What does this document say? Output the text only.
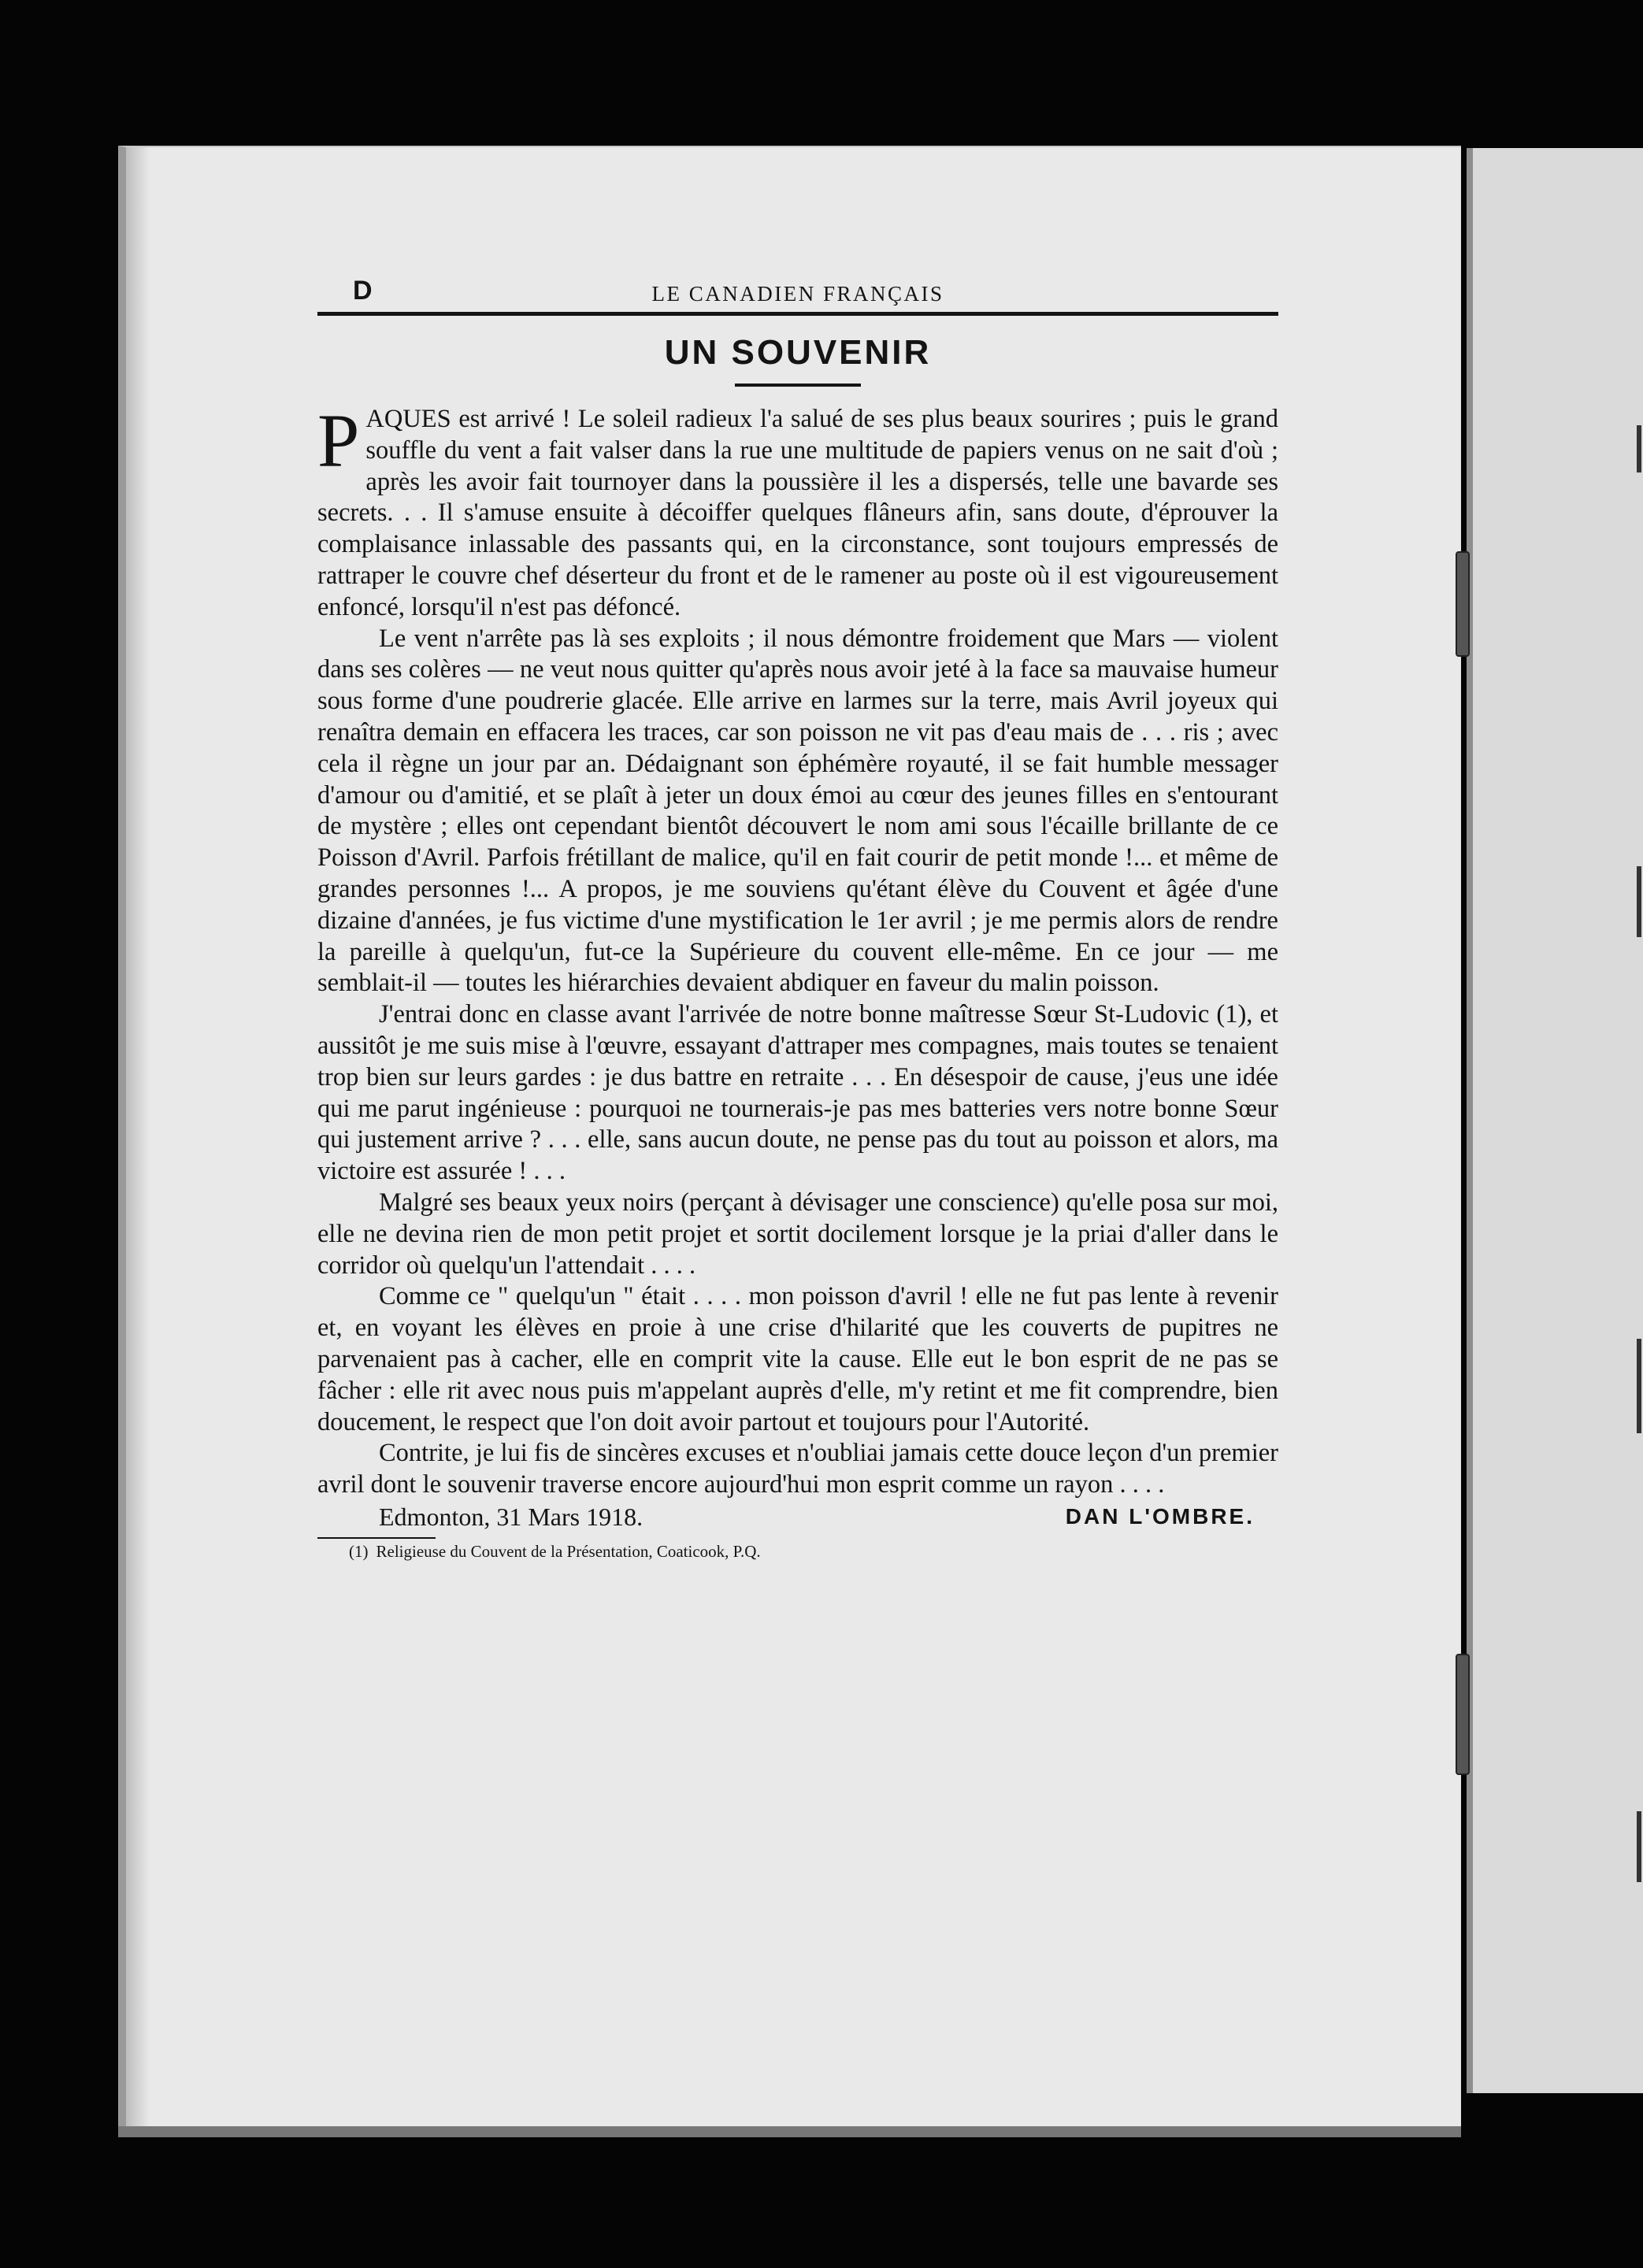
D	LE CANADIEN FRANÇAIS
UN SOUVENIR

PAQUES est arrivé ! Le soleil radieux l'a salué de ses plus beaux sourires ; puis le grand souffle du vent a fait valser dans la rue une multitude de papiers venus on ne sait d'où ; après les avoir fait tournoyer dans la poussière il les a dispersés, telle une bavarde ses secrets. . . Il s'amuse ensuite à décoiffer quelques flâneurs afin, sans doute, d'éprouver la complaisance inlassable des passants qui, en la circonstance, sont toujours empressés de rattraper le couvre chef déserteur du front et de le ramener au poste où il est vigoureusement enfoncé, lorsqu'il n'est pas défoncé.

Le vent n'arrête pas là ses exploits ; il nous démontre froidement que Mars — violent dans ses colères — ne veut nous quitter qu'après nous avoir jeté à la face sa mauvaise humeur sous forme d'une poudrerie glacée. Elle arrive en larmes sur la terre, mais Avril joyeux qui renaîtra demain en effacera les traces, car son poisson ne vit pas d'eau mais de . . . ris ; avec cela il règne un jour par an. Dédaignant son éphémère royauté, il se fait humble messager d'amour ou d'amitié, et se plaît à jeter un doux émoi au cœur des jeunes filles en s'entourant de mystère ; elles ont cependant bientôt découvert le nom ami sous l'écaille brillante de ce Poisson d'Avril. Parfois frétillant de malice, qu'il en fait courir de petit monde !... et même de grandes personnes !... A propos, je me souviens qu'étant élève du Couvent et âgée d'une dizaine d'années, je fus victime d'une mystification le 1er avril ; je me permis alors de rendre la pareille à quelqu'un, fut-ce la Supérieure du couvent elle-même. En ce jour — me semblait-il — toutes les hiérarchies devaient abdiquer en faveur du malin poisson.

J'entrai donc en classe avant l'arrivée de notre bonne maîtresse Sœur St-Ludovic (1), et aussitôt je me suis mise à l'œuvre, essayant d'attraper mes compagnes, mais toutes se tenaient trop bien sur leurs gardes : je dus battre en retraite . . . En désespoir de cause, j'eus une idée qui me parut ingénieuse : pourquoi ne tournerais-je pas mes batteries vers notre bonne Sœur qui justement arrive ? . . . elle, sans aucun doute, ne pense pas du tout au poisson et alors, ma victoire est assurée ! . . .

Malgré ses beaux yeux noirs (perçant à dévisager une conscience) qu'elle posa sur moi, elle ne devina rien de mon petit projet et sortit docilement lorsque je la priai d'aller dans le corridor où quelqu'un l'attendait . . . .

Comme ce " quelqu'un " était . . . . mon poisson d'avril ! elle ne fut pas lente à revenir et, en voyant les élèves en proie à une crise d'hilarité que les couverts de pupitres ne parvenaient pas à cacher, elle en comprit vite la cause. Elle eut le bon esprit de ne pas se fâcher : elle rit avec nous puis m'appelant auprès d'elle, m'y retint et me fit comprendre, bien doucement, le respect que l'on doit avoir partout et toujours pour l'Autorité.

Contrite, je lui fis de sincères excuses et n'oubliai jamais cette douce leçon d'un premier avril dont le souvenir traverse encore aujourd'hui mon esprit comme un rayon . . . .
DAN L'OMBRE.

Edmonton, 31 Mars 1918.
(1) Religieuse du Couvent de la Présentation, Coaticook, P.Q.
